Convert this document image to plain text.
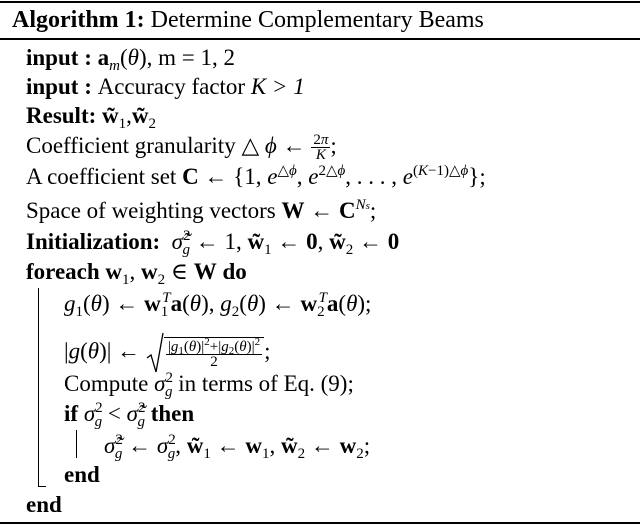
Algorithm 1: Determine Complementary Beams
input : $a_m(\theta)$, m = 1, 2
input : Accuracy factor K > 1
Result: $w̃_1,w̃_2$
Coefficient granularity △ ϕ ← $\frac{2\pi}{K}$ ;
A coefficient set C ← {1, $e^{\triangle\phi}$, $e^{2\triangle\phi}$, . . . , $e^{(K-1)\triangle\phi}$};
Space of weighting vectors W ← $C^{Ns}$;
Initialization: σ̃$^2_g$ ← 1, $w̃_1$ ← 0, $w̃_2$ ← 0
foreach $w_1$, $w_2$ ∈ W do
$g_1(\theta)$ ← $w_1^Ta(\theta)$, $g_2(\theta)$ ← $w_2^Ta(\theta)$;
|g(θ)| ← $\frac{|g_1(\theta)|^2+|g_2(\theta)|^2}{2}$ ;
Compute $\sigma^2_g$ in terms of Eq. (9);
if $\sigma^2_g$ < σ̃$^2_g$ then
σ̃$^2_g$ ← $\sigma^2_g$, $w̃_1$ ← $w_1$, $w̃_2$ ← $w_2$;
end
end
